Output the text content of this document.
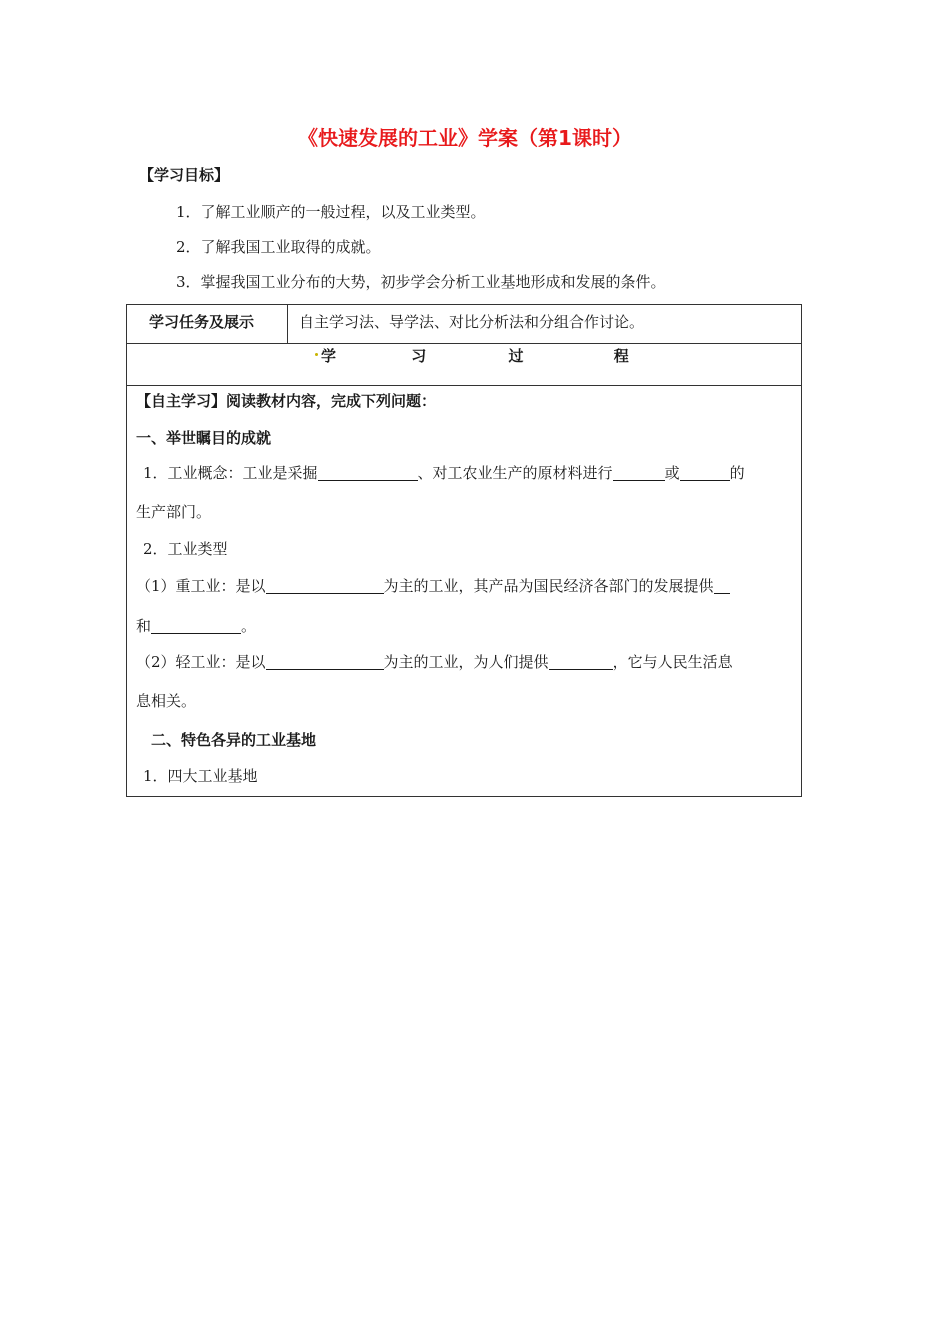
《快速发展的工业》学案（第1课时）
【学习目标】
1．了解工业顺产的一般过程，以及工业类型。
2．了解我国工业取得的成就。
3．掌握我国工业分布的大势，初步学会分析工业基地形成和发展的条件。
学习任务及展示	自主学习法、导学法、对比分析法和分组合作讨论。
学	习	过	程
【自主学习】阅读教材内容，完成下列问题：
一、举世瞩目的成就
1．工业概念：工业是采掘	、对工农业生产的原材料进行	或	的
生产部门。
2．工业类型
（1）重工业：是以	为主的工业，其产品为国民经济各部门的发展提供
和	。
（2）轻工业：是以	为主的工业，为人们提供	，它与人民生活息
息相关。
二、特色各异的工业基地
1．四大工业基地
